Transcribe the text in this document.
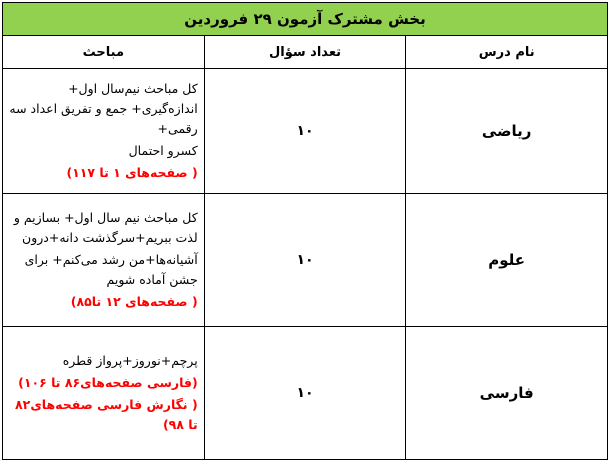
بخش مشترک آزمون ۲۹ فروردین		
نام درس	تعداد سؤال	مباحث
ریاضی	۱۰	کل مباحث نیم‌سال اول+ اندازه‌گیری+ جمع و تفریق اعداد سه رقمی+
کسرو احتمال
( صفحه‌های ۱ تا ۱۱۷)

علوم	۱۰	کل مباحث نیم سال اول+ بسازیم و لذت ببریم+سرگذشت دانه+درون
آشیانه‌ها+من رشد می‌کنم+ برای جشن آماده شویم
( صفحه‌های ۱۲ تا۸۵)

فارسی	۱۰	پرچم+نوروز+پرواز قطره
(فارسی صفحه‌های۸۶ تا ۱۰۶)
( نگارش فارسی صفحه‌های۸۲ تا ۹۸)
